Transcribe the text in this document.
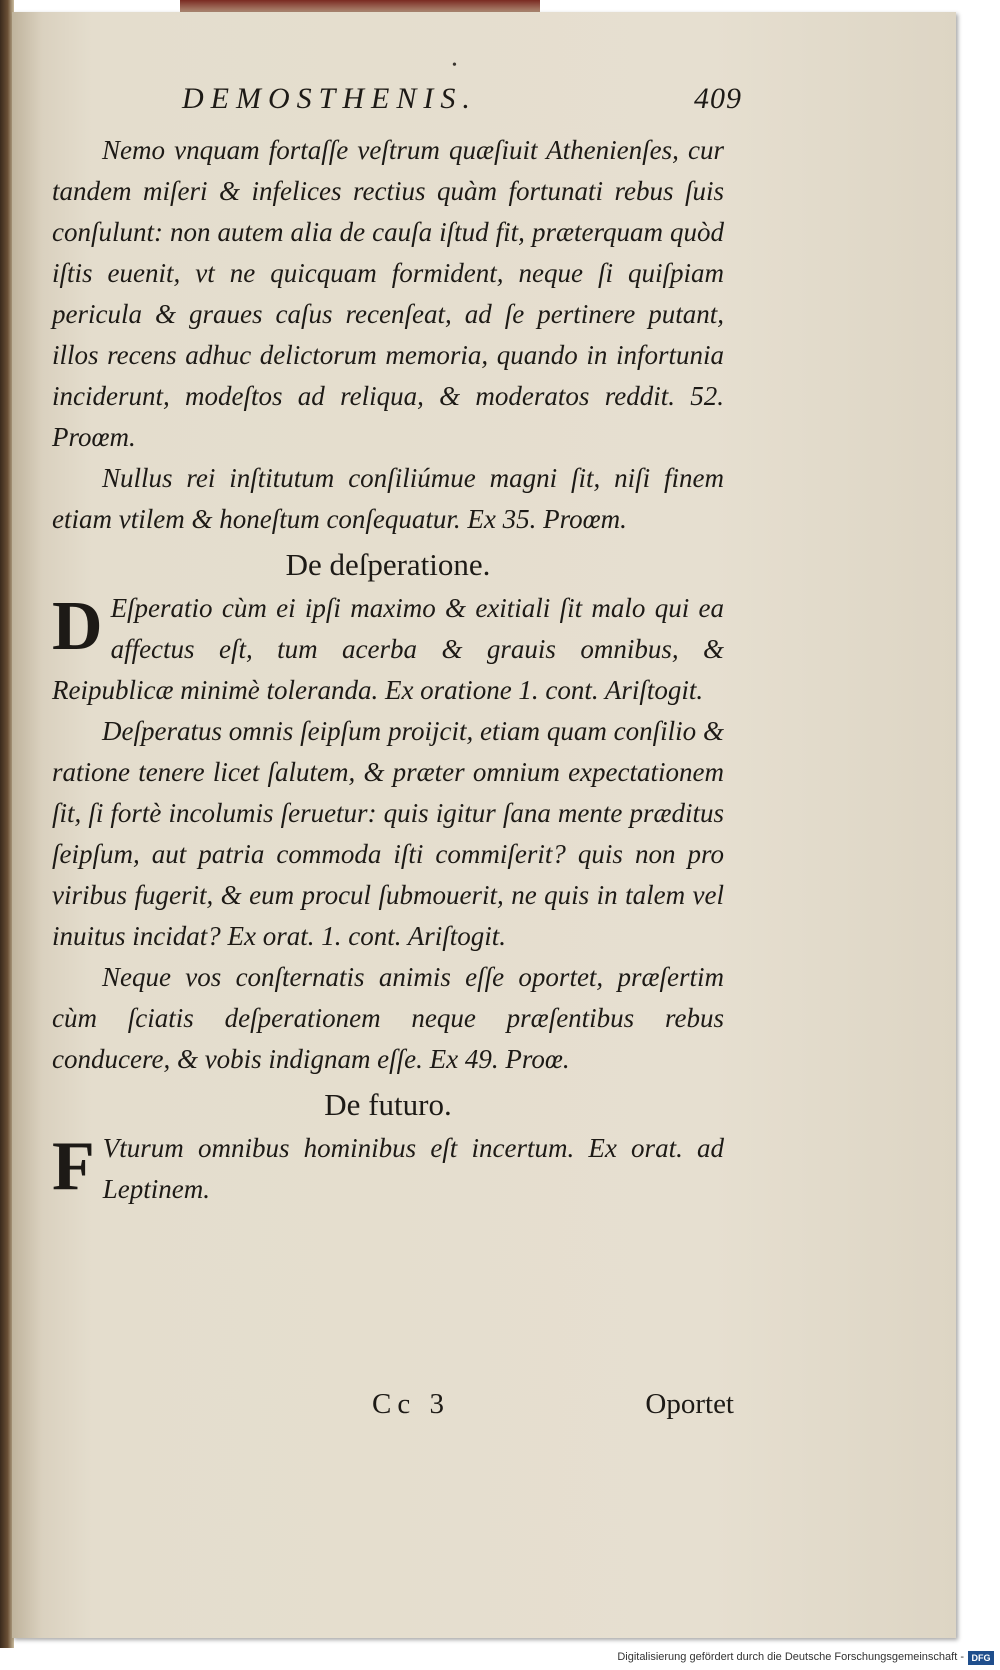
•
DEMOSTHENIS.	409

Nemo vnquam fortaſſe veſtrum quæſiuit Athenienſes, cur tandem miſeri & infelices rectius quàm fortunati rebus ſuis conſulunt: non autem alia de cauſa iſtud fit, præterquam quòd iſtis euenit, vt ne quicquam formident, neque ſi quiſpiam pericula & graues caſus recenſeat, ad ſe pertinere putant, illos recens adhuc delictorum memoria, quando in infortunia inciderunt, modeſtos ad reliqua, & moderatos reddit. 52. Proœm.

Nullus rei inſtitutum conſiliúmue magni ſit, niſi finem etiam vtilem & honeſtum conſequatur. Ex 35. Proœm.

De deſperatione.

D Eſperatio cùm ei ipſi maximo & exitiali ſit malo qui ea affectus eſt, tum acerba & grauis omnibus, & Reipublicæ minimè toleranda. Ex oratione 1. cont. Ariſtogit.

Deſperatus omnis ſeipſum proijcit, etiam quam conſilio & ratione tenere licet ſalutem, & præter omnium expectationem ſit, ſi fortè incolumis ſeruetur: quis igitur ſana mente præditus ſeipſum, aut patria commoda iſti commiſerit? quis non pro viribus fugerit, & eum procul ſubmouerit, ne quis in talem vel inuitus incidat? Ex orat. 1. cont. Ariſtogit.

Neque vos conſternatis animis eſſe oportet, præſertim cùm ſciatis deſperationem neque præſentibus rebus conducere, & vobis indignam eſſe. Ex 49. Proœ.

De futuro.

F Vturum omnibus hominibus eſt incertum. Ex orat. ad Leptinem.

Cc 3	Oportet
Digitalisierung gefördert durch die Deutsche Forschungsgemeinschaft - DFG
